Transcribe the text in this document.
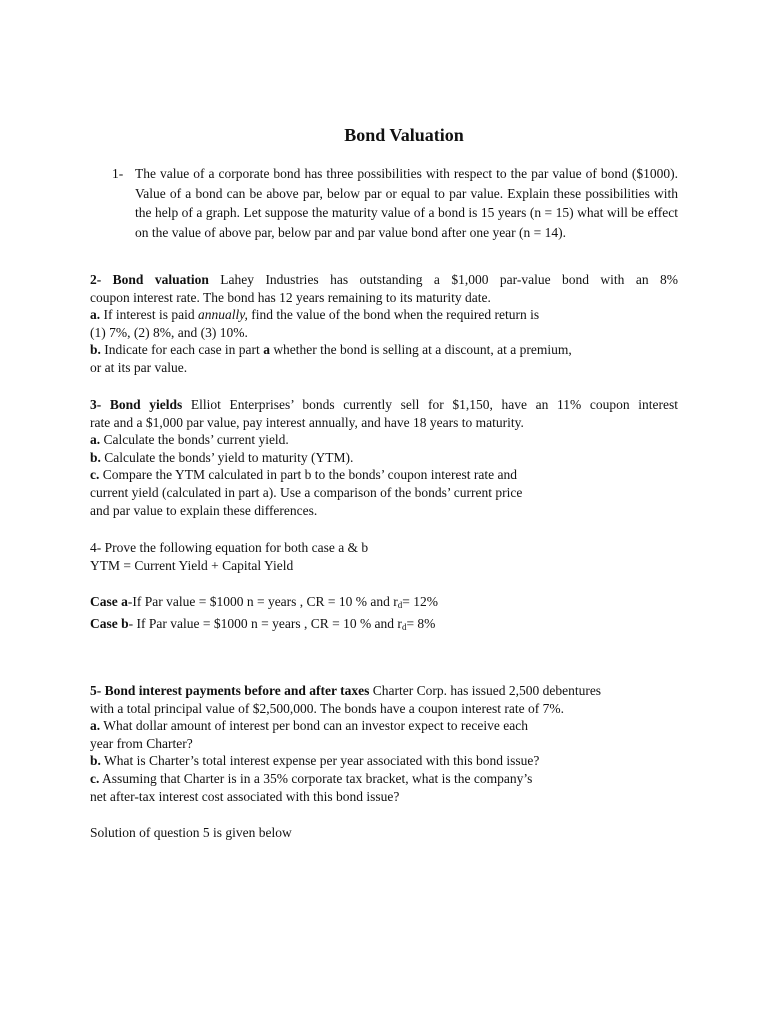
Bond Valuation
1- The value of a corporate bond has three possibilities with respect to the par value of bond ($1000). Value of a bond can be above par, below par or equal to par value. Explain these possibilities with the help of a graph. Let suppose the maturity value of a bond is 15 years (n = 15) what will be effect on the value of above par, below par and par value bond after one year (n = 14).
2- Bond valuation Lahey Industries has outstanding a $1,000 par-value bond with an 8%
coupon interest rate. The bond has 12 years remaining to its maturity date.
a. If interest is paid annually, find the value of the bond when the required return is
(1) 7%, (2) 8%, and (3) 10%.
b. Indicate for each case in part a whether the bond is selling at a discount, at a premium,
or at its par value.
3- Bond yields Elliot Enterprises’ bonds currently sell for $1,150, have an 11% coupon interest
rate and a $1,000 par value, pay interest annually, and have 18 years to maturity.
a. Calculate the bonds’ current yield.
b. Calculate the bonds’ yield to maturity (YTM).
c. Compare the YTM calculated in part b to the bonds’ coupon interest rate and
current yield (calculated in part a). Use a comparison of the bonds’ current price
and par value to explain these differences.
4- Prove the following equation for both case a & b
YTM = Current Yield + Capital Yield
Case a-If Par value = $1000 n = years , CR = 10 % and $r_d= 12\%$
Case b- If Par value = $1000 n = years , CR = 10 % and $r_d= 8\%$
5- Bond interest payments before and after taxes Charter Corp. has issued 2,500 debentures
with a total principal value of $2,500,000. The bonds have a coupon interest rate of 7%.
a. What dollar amount of interest per bond can an investor expect to receive each
year from Charter?
b. What is Charter’s total interest expense per year associated with this bond issue?
c. Assuming that Charter is in a 35% corporate tax bracket, what is the company’s
net after-tax interest cost associated with this bond issue?
Solution of question 5 is given below
